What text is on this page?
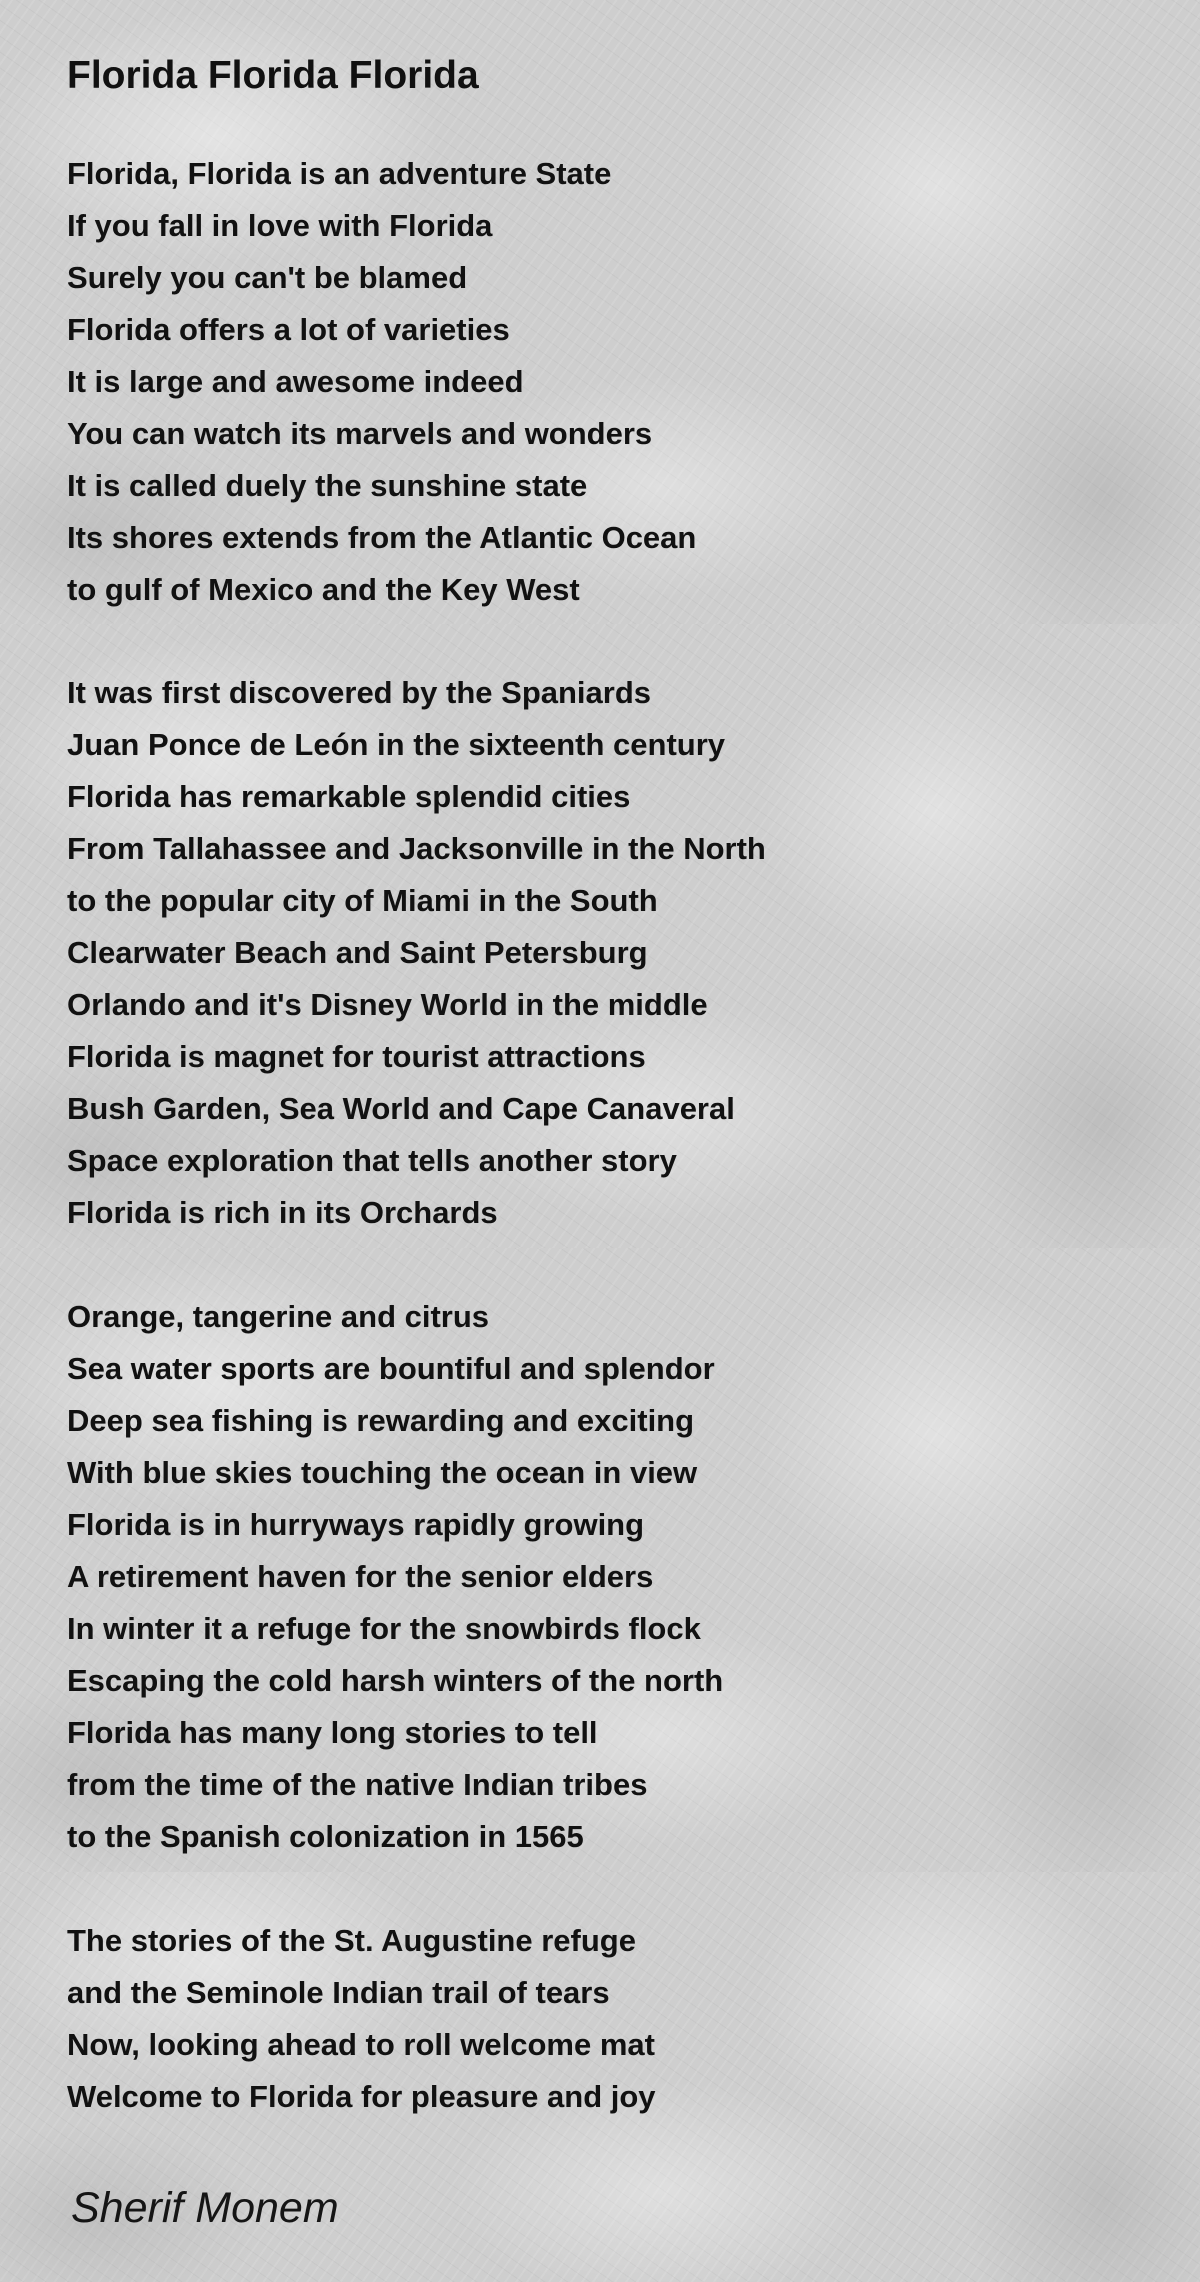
Florida Florida Florida
Florida, Florida is an adventure State
If you fall in love with Florida
Surely you can't be blamed
Florida offers a lot of varieties
It is large and awesome indeed
You can watch its marvels and wonders
It is called duely the sunshine state
Its shores extends from the Atlantic Ocean
to gulf of Mexico and the Key West
It was first discovered by the Spaniards
Juan Ponce de León in the sixteenth century
Florida has remarkable splendid cities
From Tallahassee and Jacksonville in the North
to the popular city of Miami in the South
Clearwater Beach and Saint Petersburg
Orlando and it's Disney World in the middle
Florida is magnet for tourist attractions
Bush Garden, Sea World and Cape Canaveral
Space exploration that tells another story
Florida is rich in its Orchards
Orange, tangerine and citrus
Sea water sports are bountiful and splendor
Deep sea fishing is rewarding and exciting
With blue skies touching the ocean in view
Florida is in hurryways rapidly growing
A retirement haven for the senior elders
In winter it a refuge for the snowbirds flock
Escaping the cold harsh winters of the north
Florida has many long stories to tell
from the time of the native Indian tribes
to the Spanish colonization in 1565
The stories of the St. Augustine refuge
and the Seminole Indian trail of tears
Now, looking ahead to roll welcome mat
Welcome to Florida for pleasure and joy

Sherif Monem
